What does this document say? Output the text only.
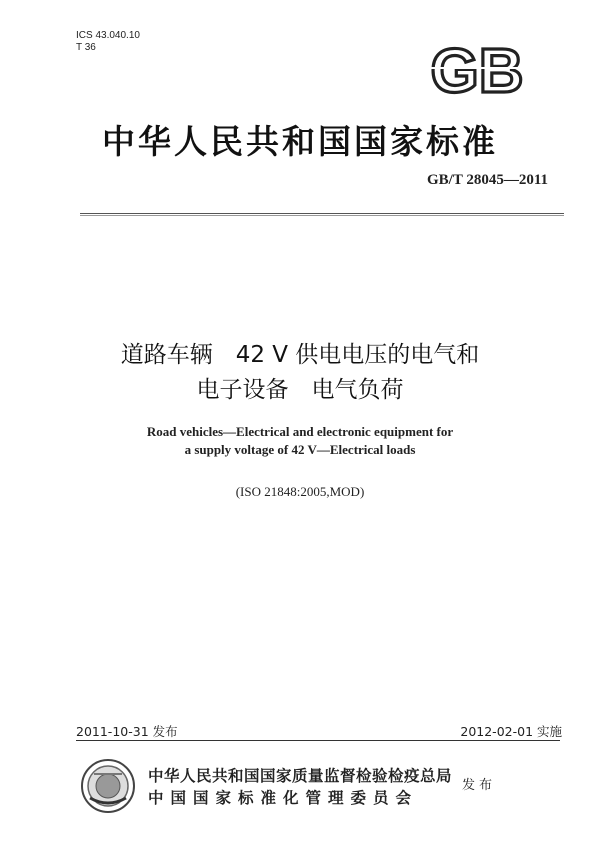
ICS 43.040.10
T 36	GB
中华人民共和国国家标准
GB/T 28045—2011
道路车辆　42 V 供电电压的电气和
电子设备　电气负荷
Road vehicles—Electrical and electronic equipment for
a supply voltage of 42 V—Electrical loads
(ISO 21848:2005,MOD)
2011-10-31 发布	2012-02-01 实施
中华人民共和国国家质量监督检验检疫总局
中国国家标准化管理委员会
发布
